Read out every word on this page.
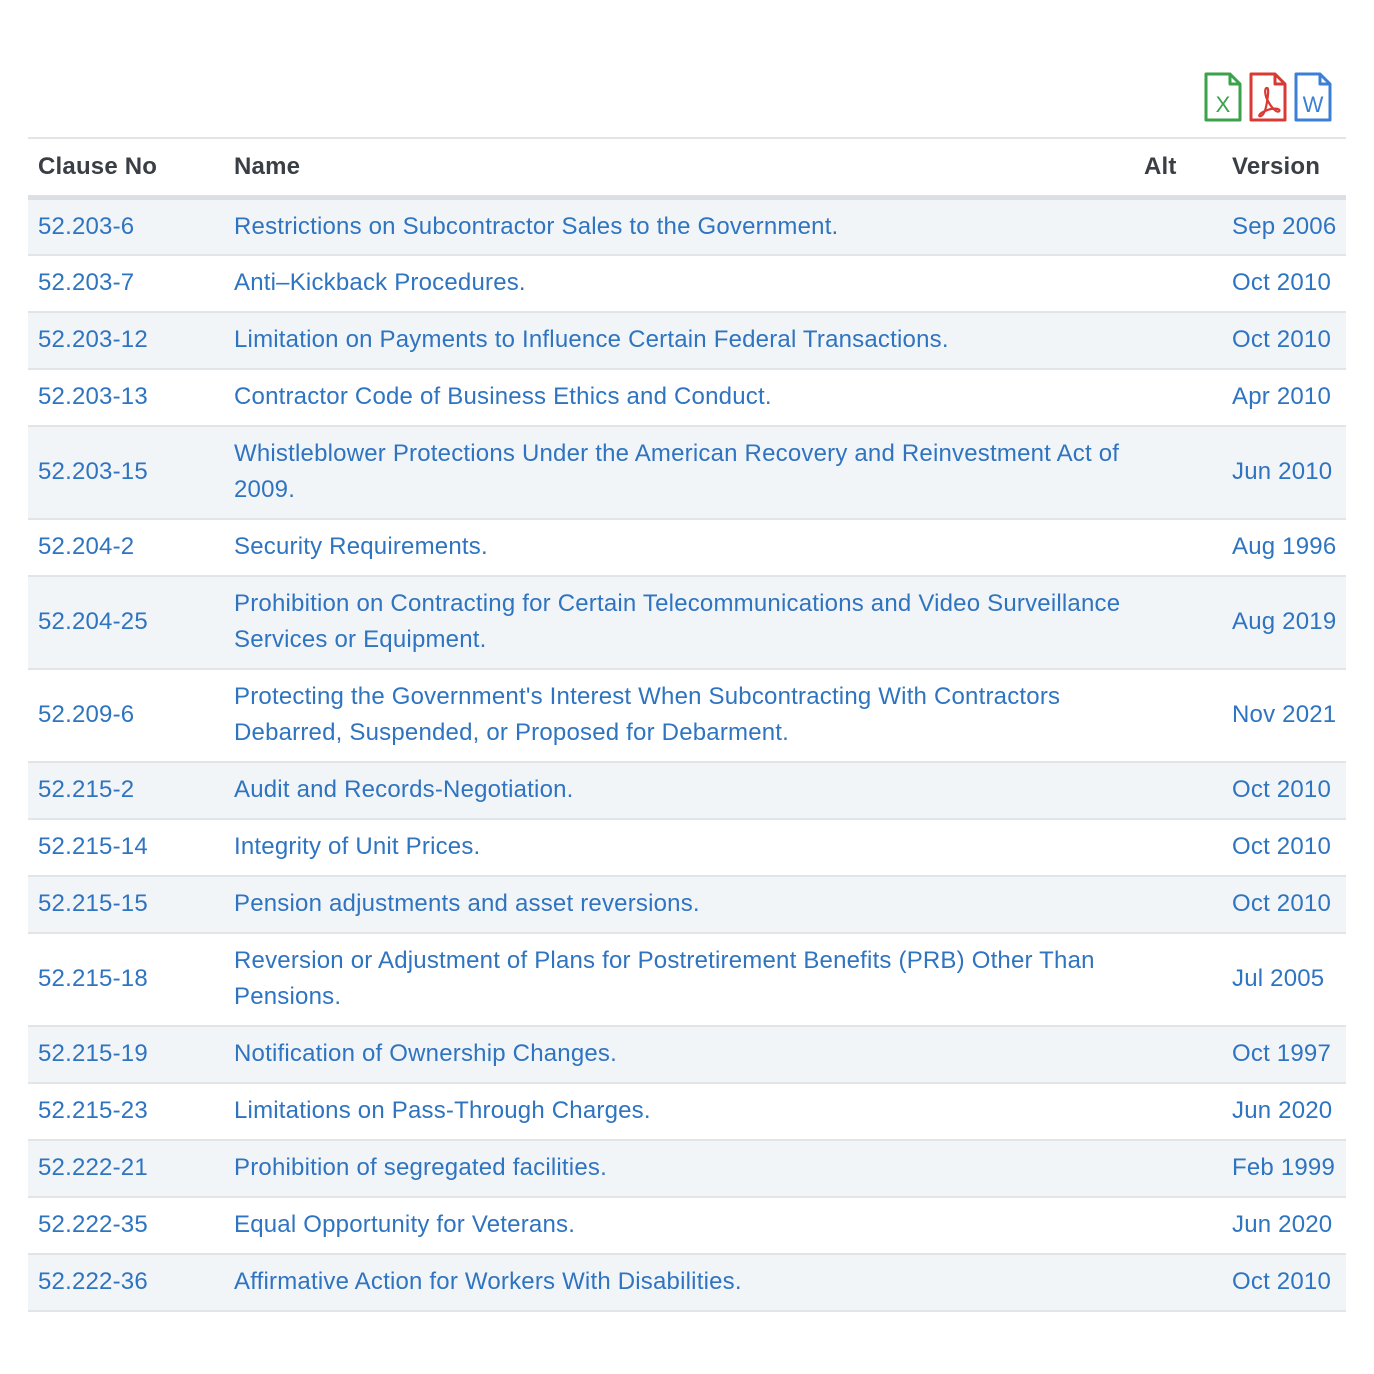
X	W
Clause No	Name	Alt	Version
52.203-6	Restrictions on Subcontractor Sales to the Government.		Sep 2006
52.203-7	Anti–Kickback Procedures.		Oct 2010
52.203-12	Limitation on Payments to Influence Certain Federal Transactions.		Oct 2010
52.203-13	Contractor Code of Business Ethics and Conduct.		Apr 2010
52.203-15	Whistleblower Protections Under the American Recovery and Reinvestment Act of 2009.		Jun 2010
52.204-2	Security Requirements.		Aug 1996
52.204-25	Prohibition on Contracting for Certain Telecommunications and Video Surveillance Services or Equipment.		Aug 2019
52.209-6	Protecting the Government's Interest When Subcontracting With Contractors Debarred, Suspended, or Proposed for Debarment.		Nov 2021
52.215-2	Audit and Records-Negotiation.		Oct 2010
52.215-14	Integrity of Unit Prices.		Oct 2010
52.215-15	Pension adjustments and asset reversions.		Oct 2010
52.215-18	Reversion or Adjustment of Plans for Postretirement Benefits (PRB) Other Than Pensions.		Jul 2005
52.215-19	Notification of Ownership Changes.		Oct 1997
52.215-23	Limitations on Pass-Through Charges.		Jun 2020
52.222-21	Prohibition of segregated facilities.		Feb 1999
52.222-35	Equal Opportunity for Veterans.		Jun 2020
52.222-36	Affirmative Action for Workers With Disabilities.		Oct 2010
